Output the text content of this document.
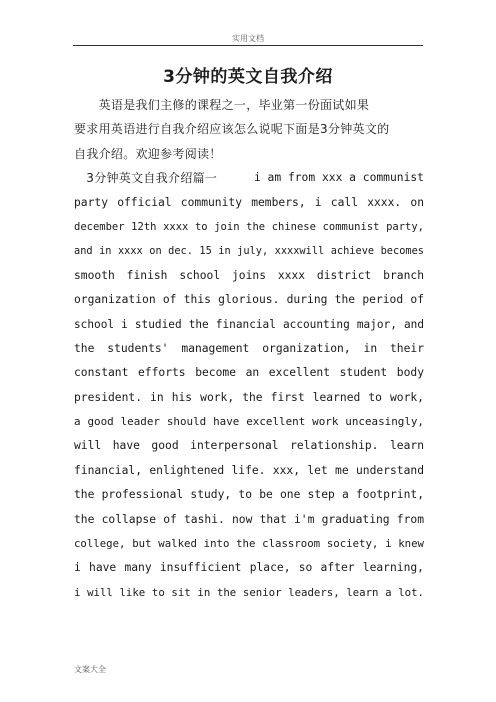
实用文档
3分钟的英文自我介绍
　　英语是我们主修的课程之一，毕业第一份面试如果
要求用英语进行自我介绍应该怎么说呢下面是3分钟英文的
自我介绍。欢迎参考阅读！
　3分钟英文自我介绍篇一	i am from xxx a communist
party official community members, i call xxxx. on
december 12th xxxx to join the chinese communist party,
and in xxxx on dec. 15 in july, xxxxwill achieve becomes
smooth finish school joins xxxx district branch
organization of this glorious. during the period of
school i studied the financial accounting major, and
the students' management organization, in their
constant efforts become an excellent student body
president. in his work, the first learned to work,
a good leader should have excellent work unceasingly,
will have good interpersonal relationship. learn
financial, enlightened life. xxx, let me understand
the professional study, to be one step a footprint,
the collapse of tashi. now that i'm graduating from
college, but walked into the classroom society, i knew
i have many insufficient place, so after learning,
i will like to sit in the senior leaders, learn a lot.
文案大全
